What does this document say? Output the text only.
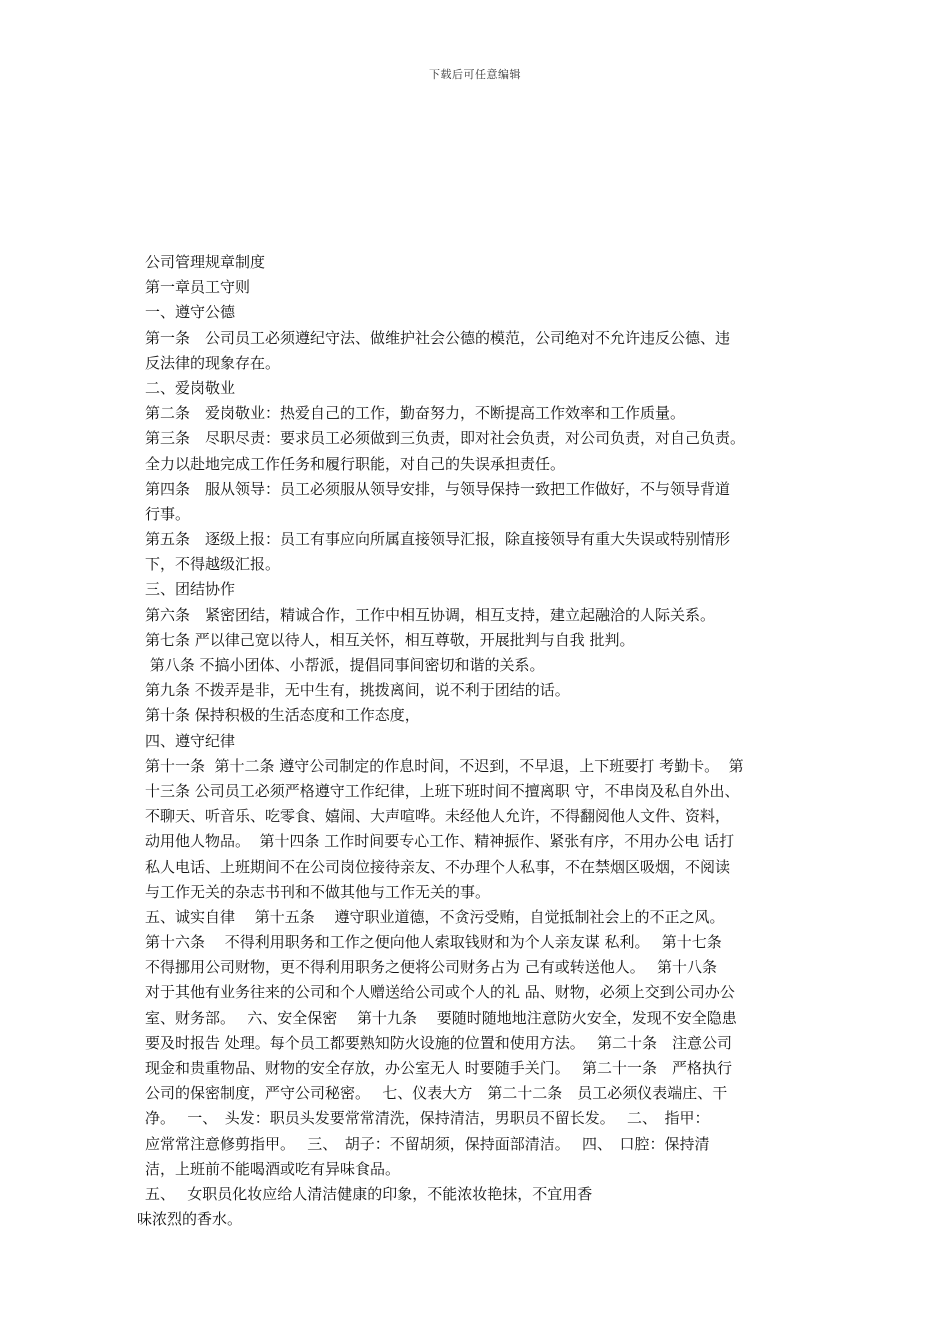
下载后可任意编辑
公司管理规章制度
第一章员工守则
一、遵守公德
第一条　公司员工必须遵纪守法、做维护社会公德的模范，公司绝对不允许违反公德、违
反法律的现象存在。
二、爱岗敬业
第二条　爱岗敬业：热爱自己的工作，勤奋努力，不断提高工作效率和工作质量。
第三条　尽职尽责：要求员工必须做到三负责，即对社会负责，对公司负责，对自己负责。
全力以赴地完成工作任务和履行职能，对自己的失误承担责任。
第四条　服从领导：员工必须服从领导安排，与领导保持一致把工作做好，不与领导背道
行事。
第五条　逐级上报：员工有事应向所属直接领导汇报，除直接领导有重大失误或特别情形
下，不得越级汇报。
三、团结协作
第六条　紧密团结，精诚合作，工作中相互协调，相互支持，建立起融洽的人际关系。
第七条 严以律己宽以待人，相互关怀，相互尊敬，开展批判与自我 批判。
第八条 不搞小团体、小帮派，提倡同事间密切和谐的关系。
第九条 不拨弄是非，无中生有，挑拨离间，说不利于团结的话。
第十条 保持积极的生活态度和工作态度，
四、遵守纪律
第十一条  第十二条 遵守公司制定的作息时间，不迟到，不早退，上下班要打 考勤卡。  第
十三条 公司员工必须严格遵守工作纪律，上班下班时间不擅离职 守，不串岗及私自外出、
不聊天、听音乐、吃零食、嬉闹、大声喧哗。未经他人允许，不得翻阅他人文件、资料，
动用他人物品。  第十四条 工作时间要专心工作、精神振作、紧张有序，不用办公电 话打
私人电话、上班期间不在公司岗位接待亲友、不办理个人私事，不在禁烟区吸烟，不阅读
与工作无关的杂志书刊和不做其他与工作无关的事。
五、诚实自律　 第十五条　 遵守职业道德，不贪污受贿，自觉抵制社会上的不正之风。
第十六条　 不得利用职务和工作之便向他人索取钱财和为个人亲友谋 私利。　 第十七条
不得挪用公司财物，更不得利用职务之便将公司财务占为 己有或转送他人。　 第十八条
对于其他有业务往来的公司和个人赠送给公司或个人的礼 品、财物，必须上交到公司办公
室、财务部。　 六、安全保密　 第十九条　 要随时随地地注意防火安全，发现不安全隐患
要及时报告 处理。每个员工都要熟知防火设施的位置和使用方法。　 第二十条　注意公司
现金和贵重物品、财物的安全存放，办公室无人 时要随手关门。　 第二十一条　严格执行
公司的保密制度，严守公司秘密。　 七、仪表大方　第二十二条　员工必须仪表端庄、干
净。　 一、　头发：职员头发要常常清洗，保持清洁，男职员不留长发。　 二、　指甲：
应常常注意修剪指甲。　 三、　胡子：不留胡须，保持面部清洁。　 四、　口腔：保持清
洁，上班前不能喝酒或吃有异味食品。
五、　 女职员化妆应给人清洁健康的印象，不能浓妆艳抹，不宜用香
味浓烈的香水。
